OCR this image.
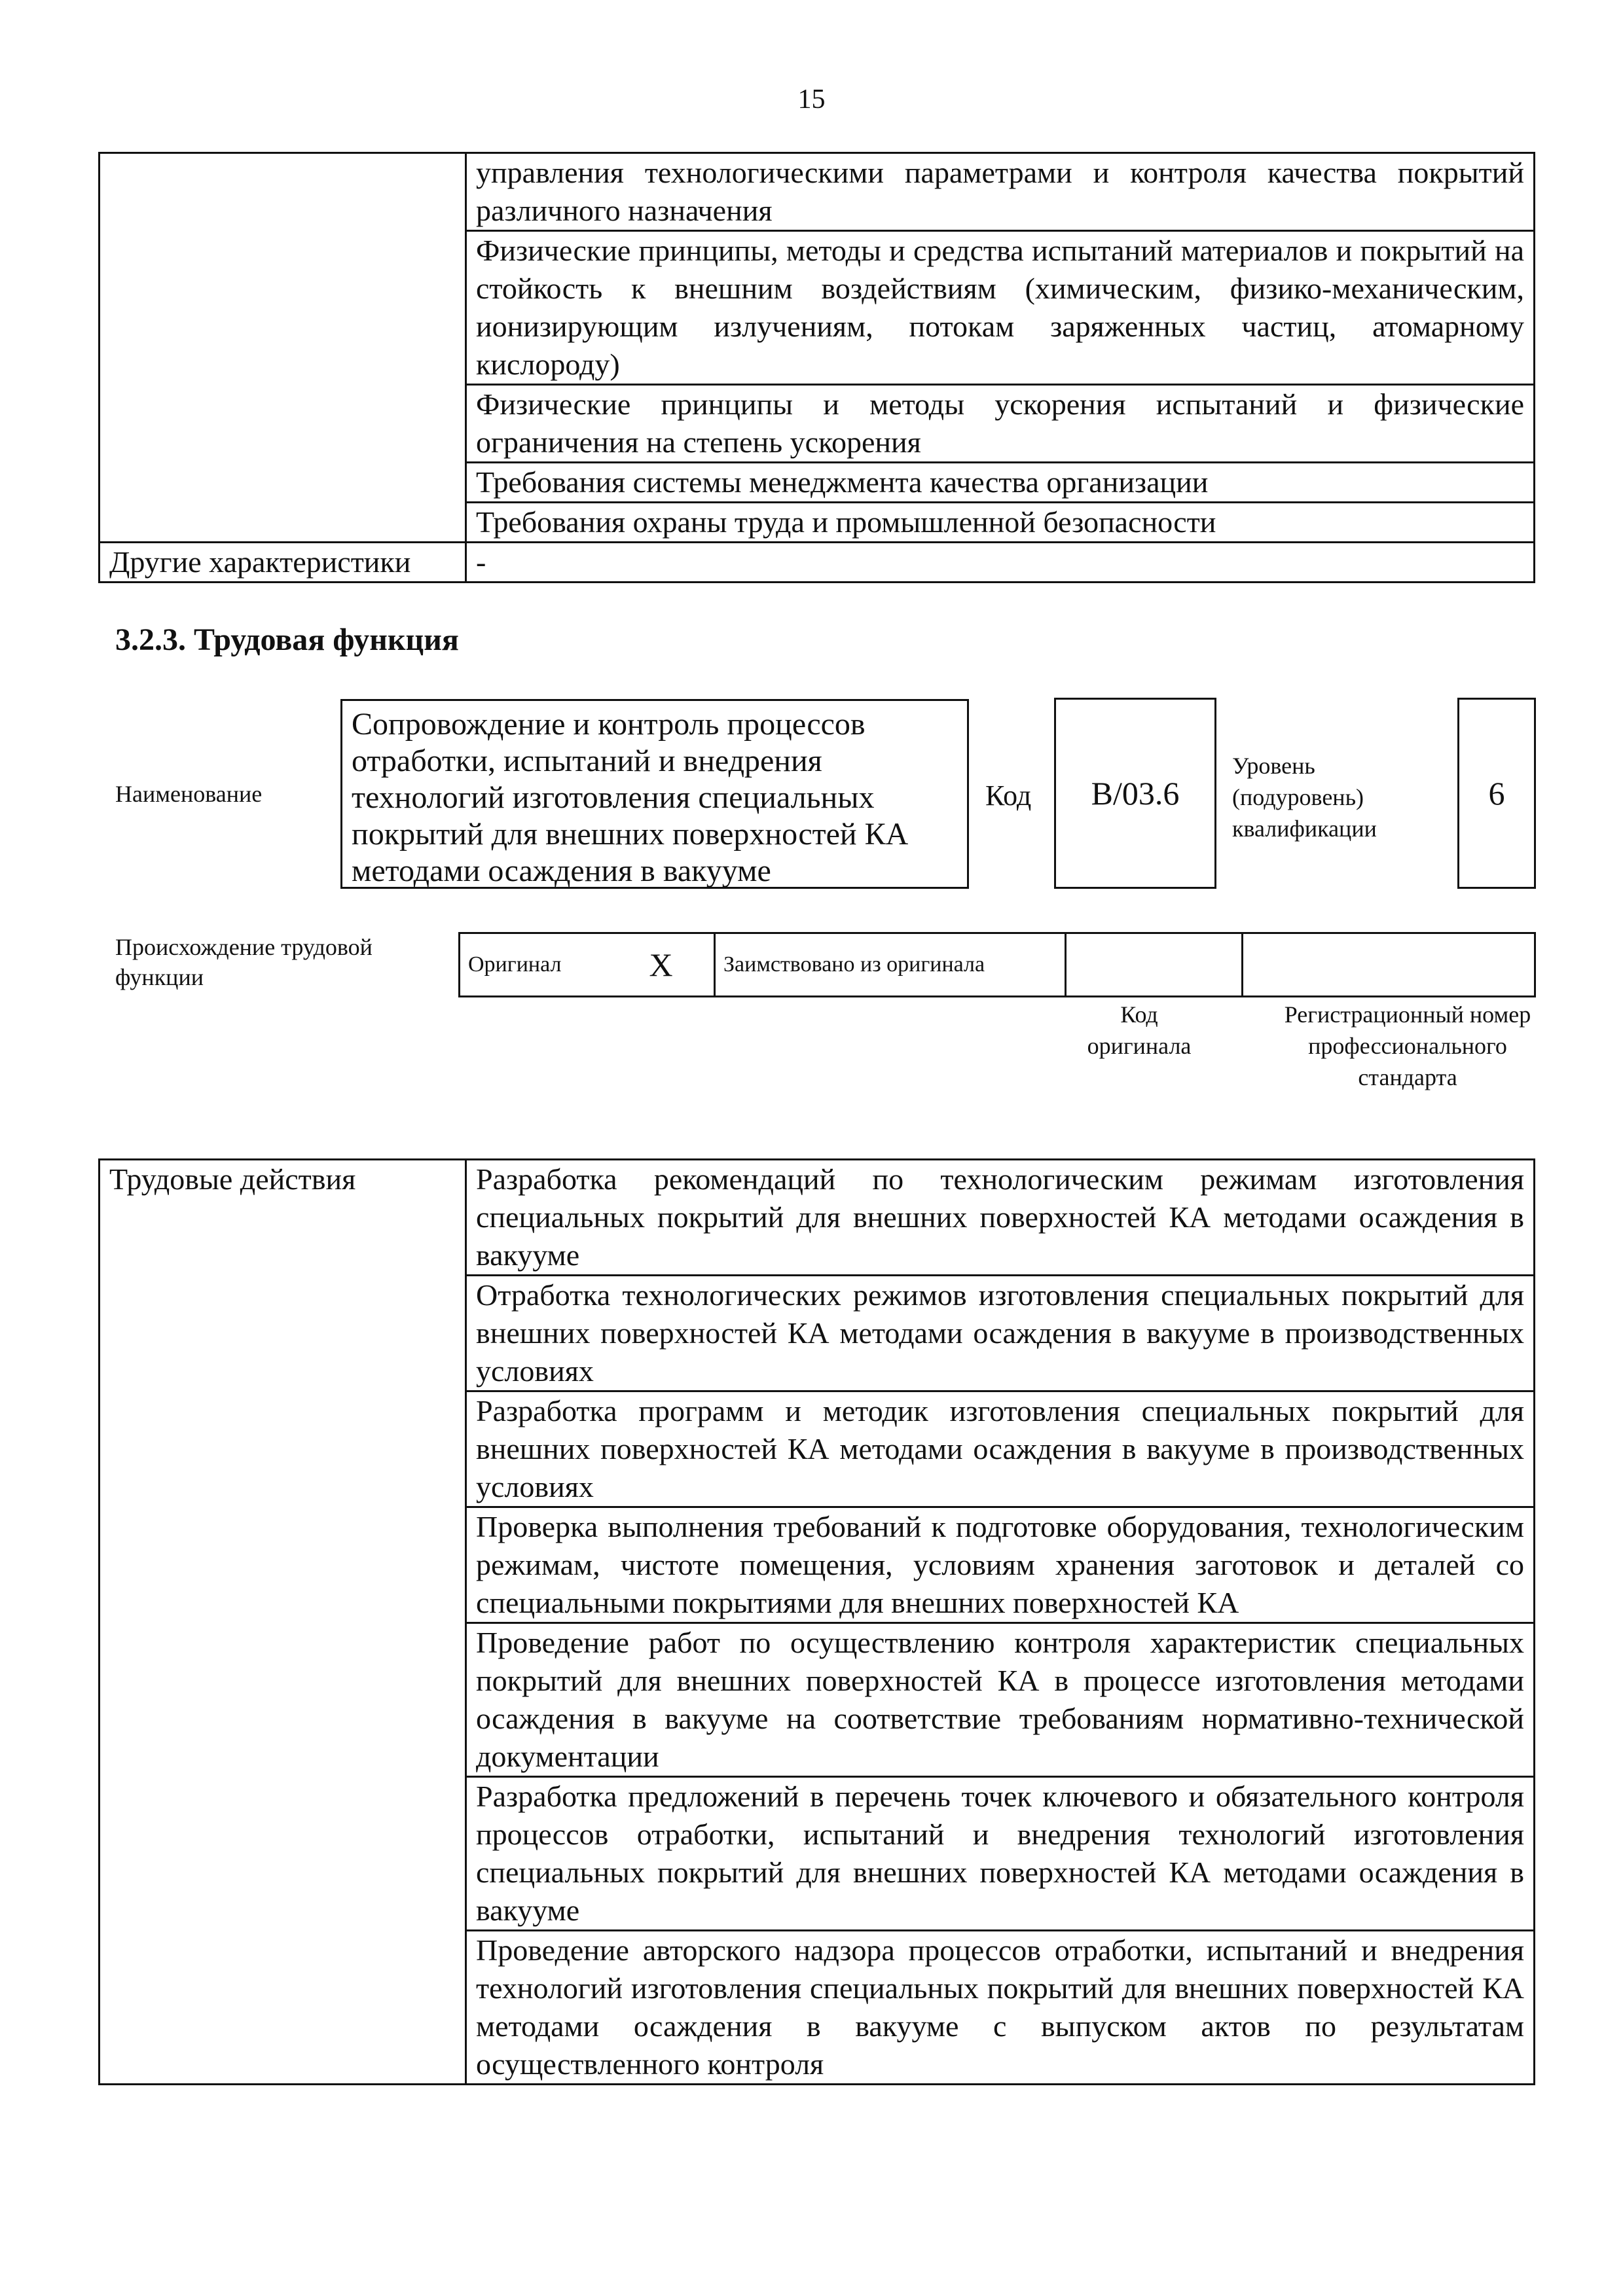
15
	управления технологическими параметрами и контроля качества покрытий различного назначения
	Физические принципы, методы и средства испытаний материалов и покрытий на стойкость к внешним воздействиям (химическим, физико-механическим, ионизирующим излучениям, потокам заряженных частиц, атомарному кислороду)
	Физические принципы и методы ускорения испытаний и физические ограничения на степень ускорения
	Требования системы менеджмента качества организации
	Требования охраны труда и промышленной безопасности
Другие характеристики	-
3.2.3. Трудовая функция
Наименование
Сопровождение и контроль процессов отработки, испытаний и внедрения технологий изготовления специальных покрытий для внешних поверхностей КА методами осаждения в вакууме
Код B/03.6
Уровень (подуровень) квалификации
6
Происхождение трудовой функции	Оригинал	X	Заимствовано из оригинала		
Код оригинала
Регистрационный номер профессионального стандарта
Трудовые действия	Разработка рекомендаций по технологическим режимам изготовления специальных покрытий для внешних поверхностей КА методами осаждения в вакууме
Отработка технологических режимов изготовления специальных покрытий для внешних поверхностей КА методами осаждения в вакууме в производственных условиях
Разработка программ и методик изготовления специальных покрытий для внешних поверхностей КА методами осаждения в вакууме в производственных условиях
Проверка выполнения требований к подготовке оборудования, технологическим режимам, чистоте помещения, условиям хранения заготовок и деталей со специальными покрытиями для внешних поверхностей КА
Проведение работ по осуществлению контроля характеристик специальных покрытий для внешних поверхностей КА в процессе изготовления методами осаждения в вакууме на соответствие требованиям нормативно-технической документации
Разработка предложений в перечень точек ключевого и обязательного контроля процессов отработки, испытаний и внедрения технологий изготовления специальных покрытий для внешних поверхностей КА методами осаждения в вакууме
Проведение авторского надзора процессов отработки, испытаний и внедрения технологий изготовления специальных покрытий для внешних поверхностей КА методами осаждения в вакууме с выпуском актов по результатам осуществленного контроля
